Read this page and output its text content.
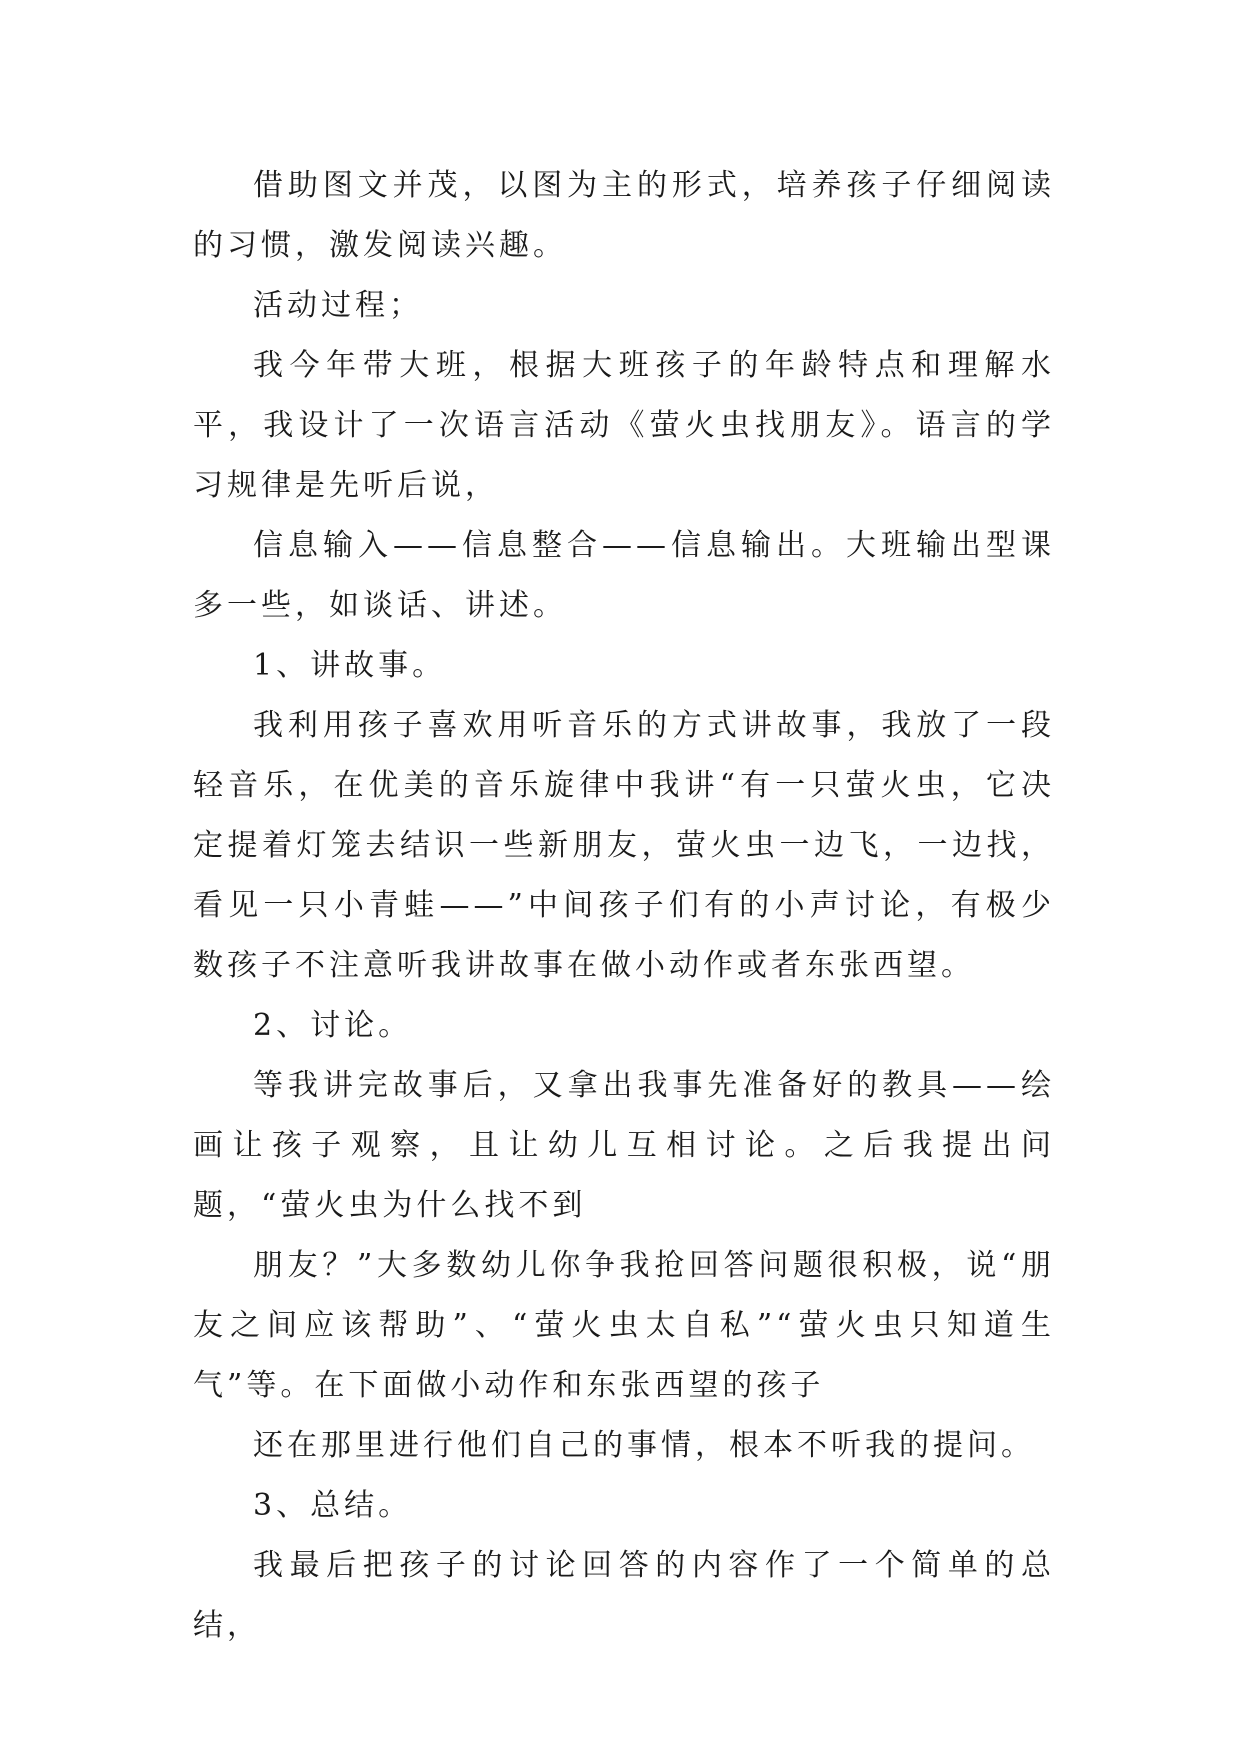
借助图文并茂，以图为主的形式，培养孩子仔细阅读的习惯，激发阅读兴趣。

活动过程；

我今年带大班，根据大班孩子的年龄特点和理解水平，我设计了一次语言活动《萤火虫找朋友》。语言的学习规律是先听后说，

信息输入——信息整合——信息输出。大班输出型课多一些，如谈话、讲述。

1、讲故事。

我利用孩子喜欢用听音乐的方式讲故事，我放了一段轻音乐，在优美的音乐旋律中我讲“有一只萤火虫，它决定提着灯笼去结识一些新朋友，萤火虫一边飞，一边找，看见一只小青蛙——”中间孩子们有的小声讨论，有极少数孩子不注意听我讲故事在做小动作或者东张西望。

2、讨论。

等我讲完故事后，又拿出我事先准备好的教具——绘画让孩子观察，且让幼儿互相讨论。之后我提出问题，“萤火虫为什么找不到

朋友？”大多数幼儿你争我抢回答问题很积极，说“朋友之间应该帮助”、“萤火虫太自私”“萤火虫只知道生气”等。在下面做小动作和东张西望的孩子

还在那里进行他们自己的事情，根本不听我的提问。

3、总结。

我最后把孩子的讨论回答的内容作了一个简单的总结，
